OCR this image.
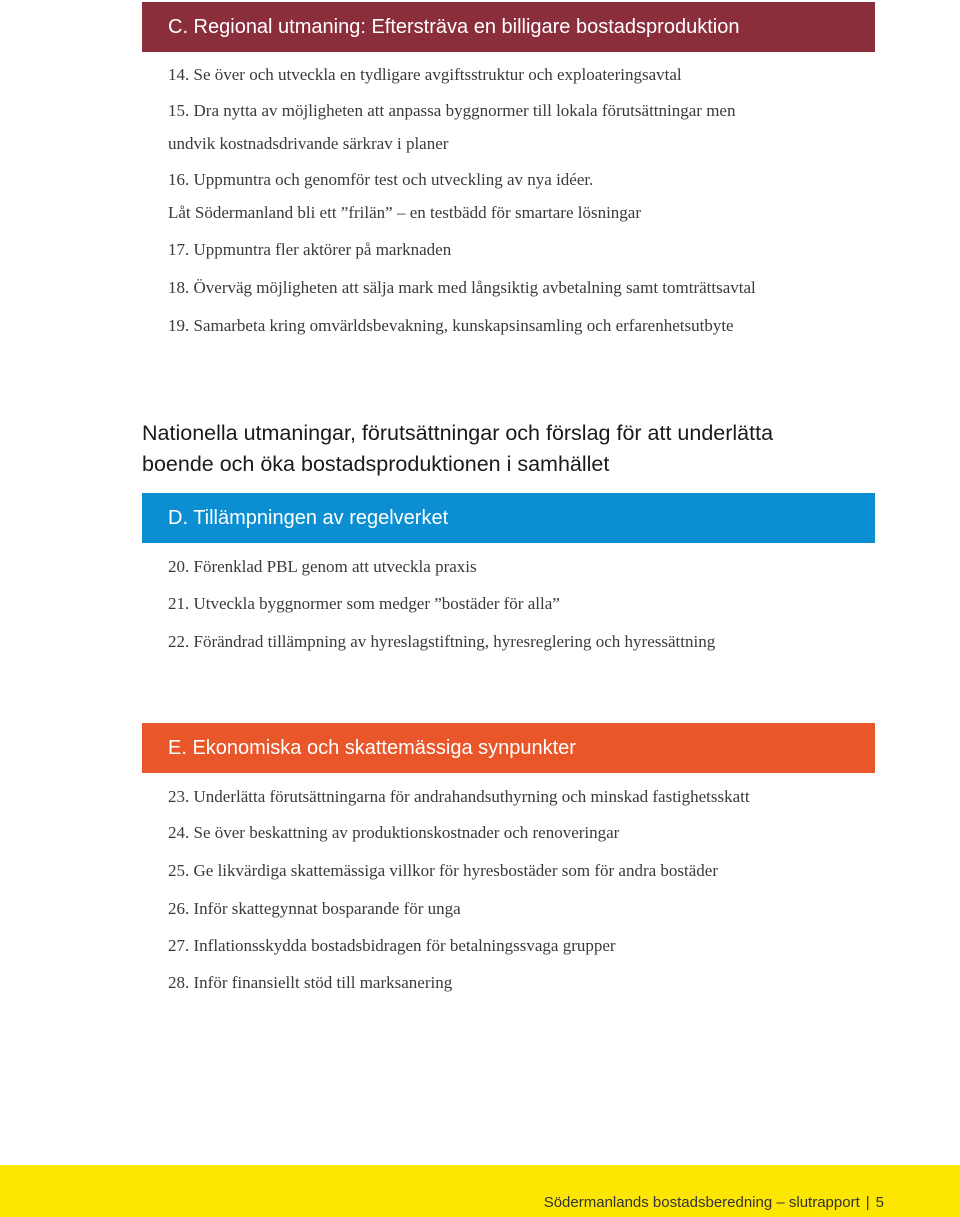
C. Regional utmaning: Eftersträva en billigare bostadsproduktion
14. Se över och utveckla en tydligare avgiftsstruktur och exploateringsavtal
15. Dra nytta av möjligheten att anpassa byggnormer till lokala förutsättningar men
undvik kostnadsdrivande särkrav i planer
16. Uppmuntra och genomför test och utveckling av nya idéer.
Låt Södermanland bli ett ”frilän” – en testbädd för smartare lösningar
17. Uppmuntra fler aktörer på marknaden
18. Överväg möjligheten att sälja mark med långsiktig avbetalning samt tomträttsavtal
19. Samarbeta kring omvärldsbevakning, kunskapsinsamling och erfarenhetsutbyte
Nationella utmaningar, förutsättningar och förslag för att underlätta
boende och öka bostadsproduktionen i samhället
D. Tillämpningen av regelverket
20. Förenklad PBL genom att utveckla praxis
21. Utveckla byggnormer som medger ”bostäder för alla”
22. Förändrad tillämpning av hyreslagstiftning, hyresreglering och hyressättning
E. Ekonomiska och skattemässiga synpunkter
23. Underlätta förutsättningarna för andrahandsuthyrning och minskad fastighetsskatt
24. Se över beskattning av produktionskostnader och renoveringar
25. Ge likvärdiga skattemässiga villkor för hyresbostäder som för andra bostäder
26. Inför skattegynnat bosparande för unga
27. Inflationsskydda bostadsbidragen för betalningssvaga grupper
28. Inför finansiellt stöd till marksanering
Södermanlands bostadsberedning – slutrapport | 5
